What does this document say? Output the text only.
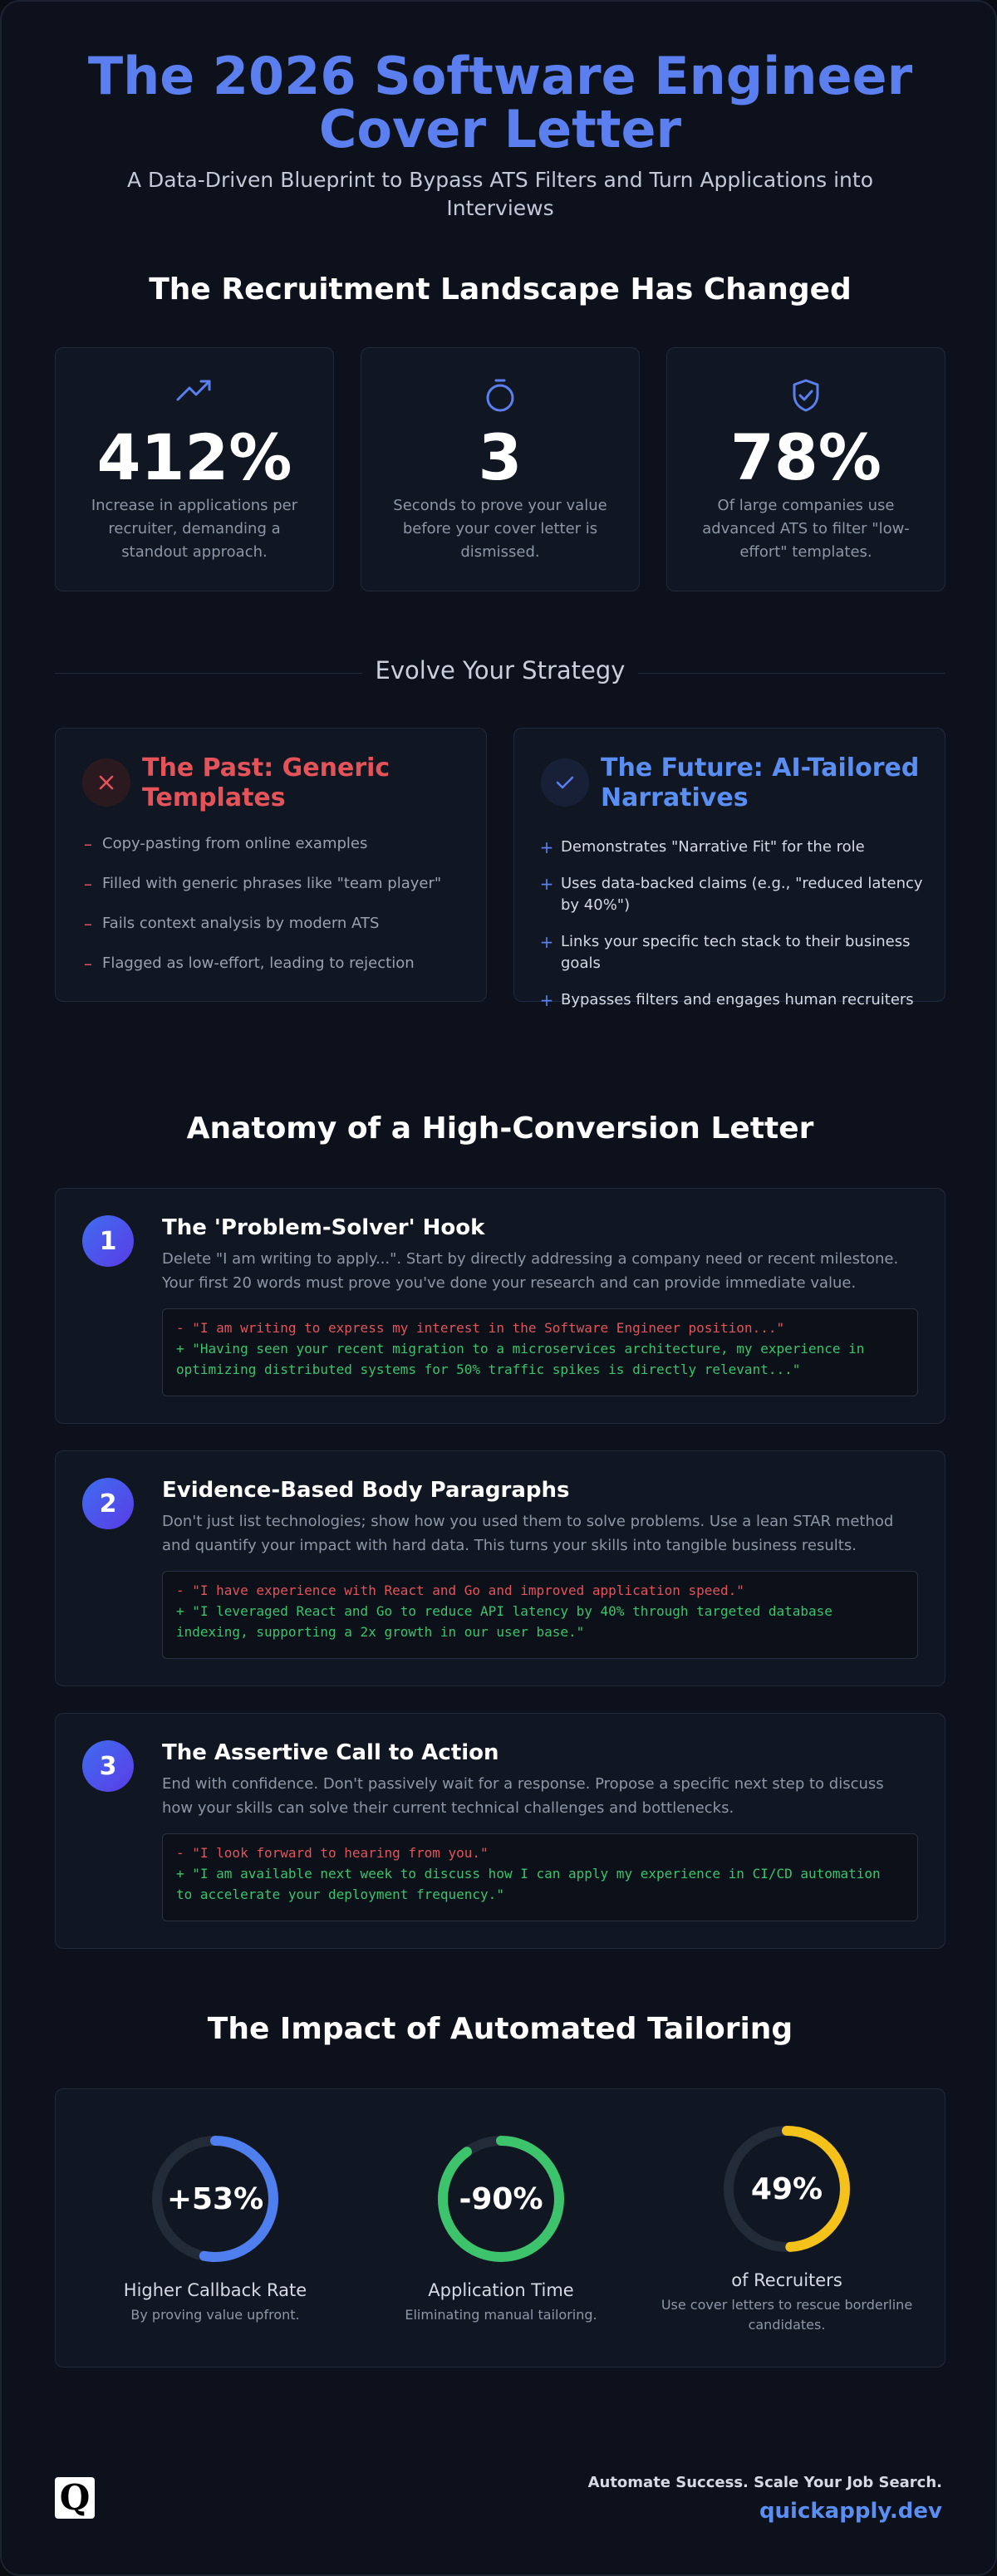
The 2026 Software Engineer
Cover Letter
A Data-Driven Blueprint to Bypass ATS Filters and Turn Applications into Interviews
The Recruitment Landscape Has Changed
412%
Increase in applications per recruiter, demanding a standout approach.
3
Seconds to prove your value before your cover letter is dismissed.
78%
Of large companies use advanced ATS to filter "low-effort" templates.
Evolve Your Strategy
The Past: Generic Templates
– Copy-pasting from online examples
– Filled with generic phrases like "team player"
– Fails context analysis by modern ATS
– Flagged as low-effort, leading to rejection
The Future: AI-Tailored Narratives
+ Demonstrates "Narrative Fit" for the role
+ Uses data-backed claims (e.g., "reduced latency by 40%")
+ Links your specific tech stack to their business goals
+ Bypasses filters and engages human recruiters
Anatomy of a High-Conversion Letter
1	The 'Problem-Solver' Hook
Delete "I am writing to apply...". Start by directly addressing a company need or recent milestone. Your first 20 words must prove you've done your research and can provide immediate value.
- "I am writing to express my interest in the Software Engineer position..."
+ "Having seen your recent migration to a microservices architecture, my experience in optimizing distributed systems for 50% traffic spikes is directly relevant..."
2	Evidence-Based Body Paragraphs
Don't just list technologies; show how you used them to solve problems. Use a lean STAR method and quantify your impact with hard data. This turns your skills into tangible business results.
- "I have experience with React and Go and improved application speed."
+ "I leveraged React and Go to reduce API latency by 40% through targeted database indexing, supporting a 2x growth in our user base."
3	The Assertive Call to Action
End with confidence. Don't passively wait for a response. Propose a specific next step to discuss how your skills can solve their current technical challenges and bottlenecks.
- "I look forward to hearing from you."
+ "I am available next week to discuss how I can apply my experience in CI/CD automation to accelerate your deployment frequency."
The Impact of Automated Tailoring
+53%
Higher Callback Rate
By proving value upfront.
-90%
Application Time
Eliminating manual tailoring.
49%
of Recruiters
Use cover letters to rescue borderline candidates.
Q	Automate Success. Scale Your Job Search.
quickapply.dev
